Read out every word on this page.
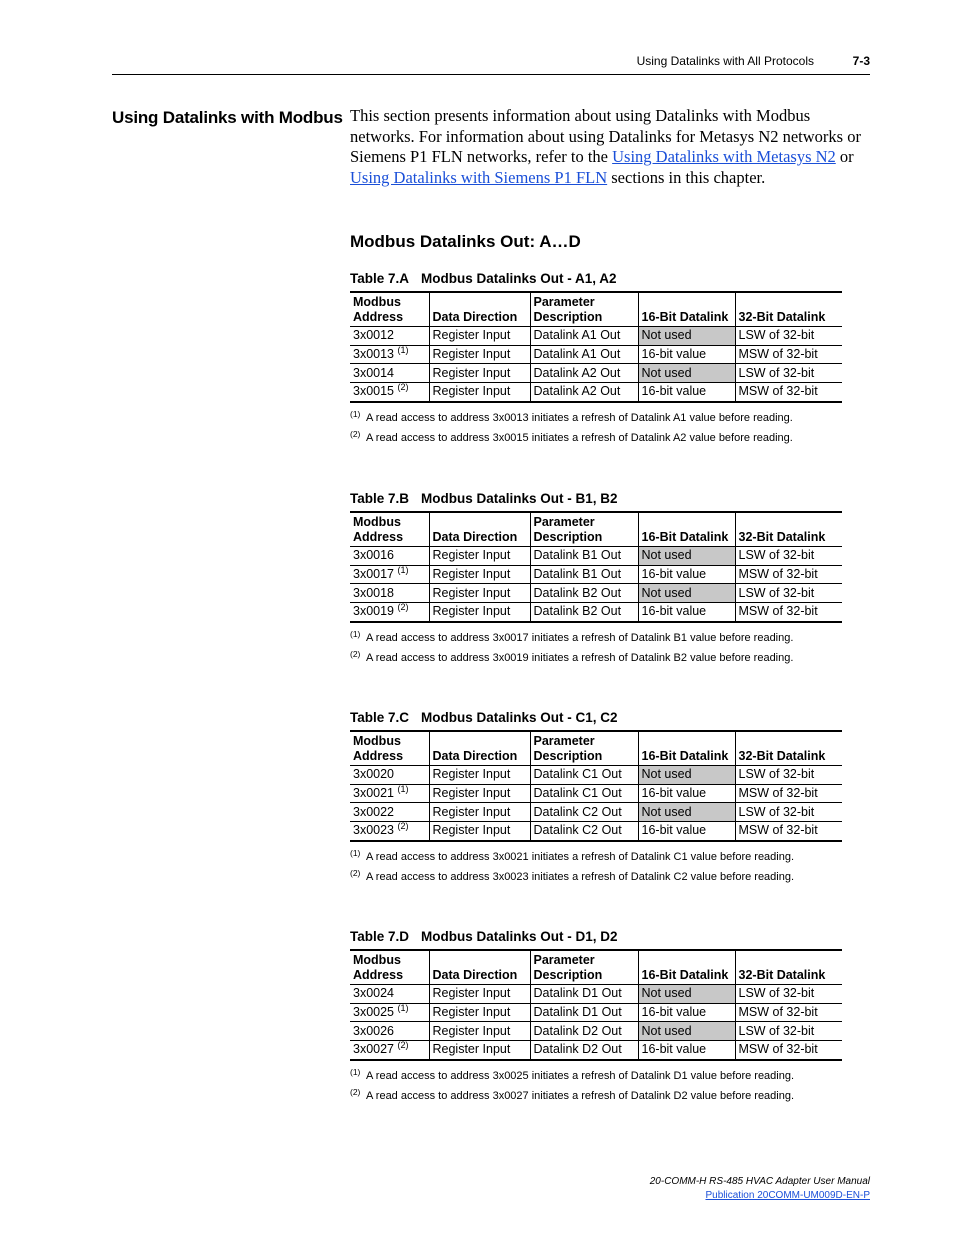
Using Datalinks with All Protocols	7-3
Using Datalinks with Modbus This section presents information about using Datalinks with Modbus networks. For information about using Datalinks for Metasys N2 networks or Siemens P1 FLN networks, refer to the Using Datalinks with Metasys N2 or Using Datalinks with Siemens P1 FLN sections in this chapter.
Modbus Datalinks Out: A…D
Table 7.A Modbus Datalinks Out - A1, A2
Modbus Address	Data Direction	Parameter Description	16-Bit Datalink	32-Bit Datalink
3x0012	Register Input	Datalink A1 Out	Not used	LSW of 32-bit
3x0013 $^{(1)}$	Register Input	Datalink A1 Out	16-bit value	MSW of 32-bit
3x0014	Register Input	Datalink A2 Out	Not used	LSW of 32-bit
3x0015 $^{(2)}$	Register Input	Datalink A2 Out	16-bit value	MSW of 32-bit
(1) A read access to address 3x0013 initiates a refresh of Datalink A1 value before reading.
(2) A read access to address 3x0015 initiates a refresh of Datalink A2 value before reading.
Table 7.B Modbus Datalinks Out - B1, B2
Modbus Address	Data Direction	Parameter Description	16-Bit Datalink	32-Bit Datalink
3x0016	Register Input	Datalink B1 Out	Not used	LSW of 32-bit
3x0017 $^{(1)}$	Register Input	Datalink B1 Out	16-bit value	MSW of 32-bit
3x0018	Register Input	Datalink B2 Out	Not used	LSW of 32-bit
3x0019 $^{(2)}$	Register Input	Datalink B2 Out	16-bit value	MSW of 32-bit
(1) A read access to address 3x0017 initiates a refresh of Datalink B1 value before reading.
(2) A read access to address 3x0019 initiates a refresh of Datalink B2 value before reading.
Table 7.C Modbus Datalinks Out - C1, C2
Modbus Address	Data Direction	Parameter Description	16-Bit Datalink	32-Bit Datalink
3x0020	Register Input	Datalink C1 Out	Not used	LSW of 32-bit
3x0021 $^{(1)}$	Register Input	Datalink C1 Out	16-bit value	MSW of 32-bit
3x0022	Register Input	Datalink C2 Out	Not used	LSW of 32-bit
3x0023 $^{(2)}$	Register Input	Datalink C2 Out	16-bit value	MSW of 32-bit
(1) A read access to address 3x0021 initiates a refresh of Datalink C1 value before reading.
(2) A read access to address 3x0023 initiates a refresh of Datalink C2 value before reading.
Table 7.D Modbus Datalinks Out - D1, D2
Modbus Address	Data Direction	Parameter Description	16-Bit Datalink	32-Bit Datalink
3x0024	Register Input	Datalink D1 Out	Not used	LSW of 32-bit
3x0025 $^{(1)}$	Register Input	Datalink D1 Out	16-bit value	MSW of 32-bit
3x0026	Register Input	Datalink D2 Out	Not used	LSW of 32-bit
3x0027 $^{(2)}$	Register Input	Datalink D2 Out	16-bit value	MSW of 32-bit
(1) A read access to address 3x0025 initiates a refresh of Datalink D1 value before reading.
(2) A read access to address 3x0027 initiates a refresh of Datalink D2 value before reading.
20-COMM-H RS-485 HVAC Adapter User Manual
Publication 20COMM-UM009D-EN-P
